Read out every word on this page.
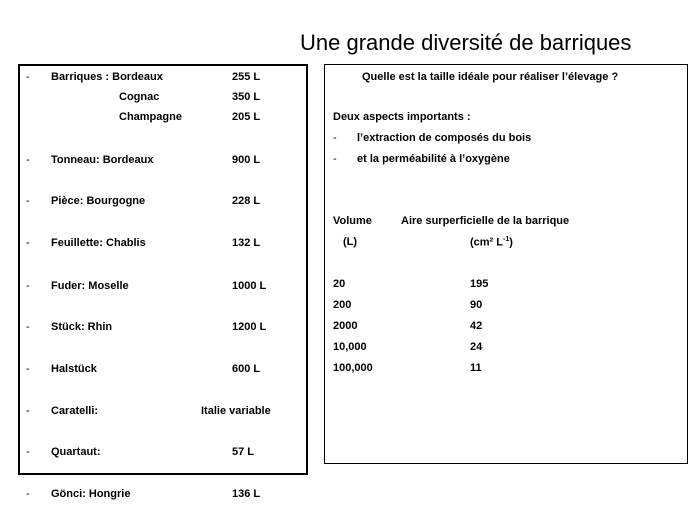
Une grande diversité de barriques
- Barriques : Bordeaux	255 L
Cognac	350 L
Champagne	205 L
- Tonneau: Bordeaux	900 L
- Pièce: Bourgogne	228 L
- Feuillette: Chablis	132 L
- Fuder: Moselle	1000 L
- Stück: Rhin	1200 L
- Halstück	600 L
- Caratelli:	Italie variable
- Quartaut:	57 L
- Gönci: Hongrie	136 L
Quelle est la taille idéale pour réaliser l’élevage ?
Deux aspects importants :
- l’extraction de composés du bois
- et la perméabilité à l’oxygène
Volume	Aire surperficielle de la barrique
(L)	(cm² $L^{-1}$)
20	195
200	90
2000	42
10,000	24
100,000	11
